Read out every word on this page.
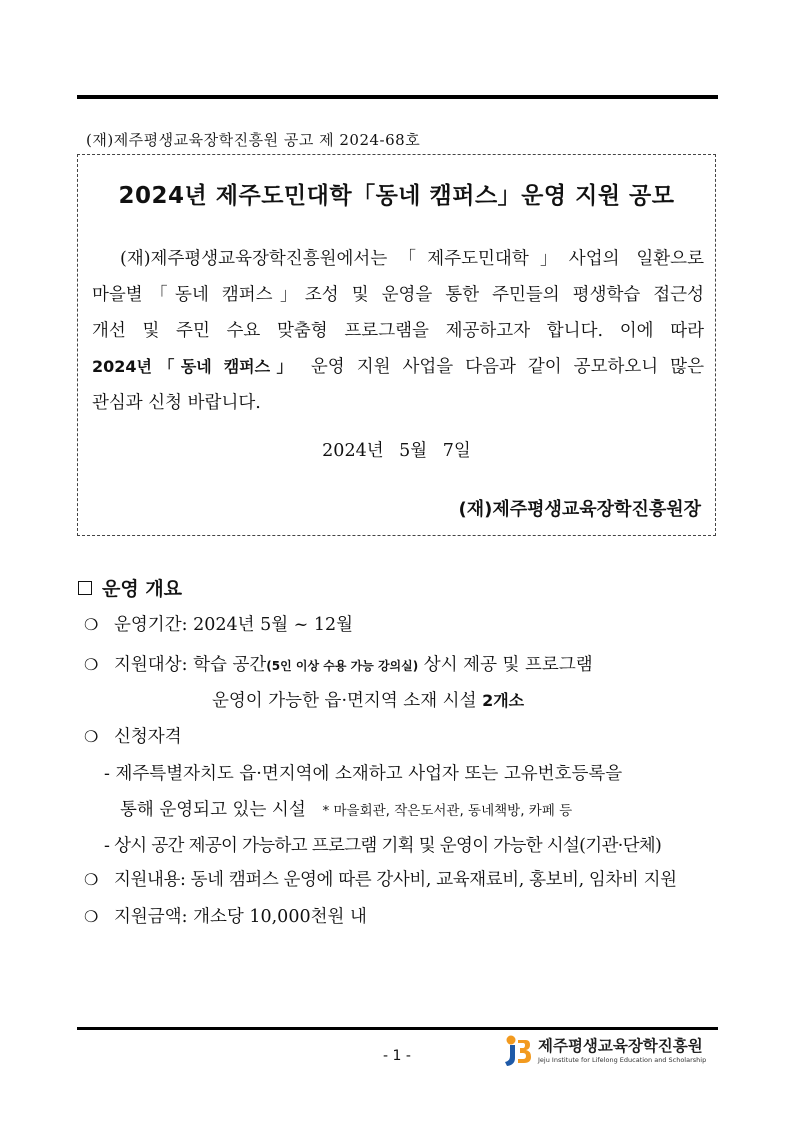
(재)제주평생교육장학진흥원 공고 제 2024-68호
2024년 제주도민대학「동네 캠퍼스」운영 지원 공모
(재)제주평생교육장학진흥원에서는「제주도민대학」사업의 일환으로
마을별「동네 캠퍼스」조성 및 운영을 통한 주민들의 평생학습 접근성
개선 및 주민 수요 맞춤형 프로그램을 제공하고자 합니다. 이에 따라
2024년「동네 캠퍼스」 운영 지원 사업을 다음과 같이 공모하오니 많은
관심과 신청 바랍니다.
2024년 5월 7일
(재)제주평생교육장학진흥원장
운영 개요
❍ 운영기간: 2024년 5월 ~ 12월
❍ 지원대상: 학습 공간(5인 이상 수용 가능 강의실) 상시 제공 및 프로그램
운영이 가능한 읍·면지역 소재 시설 2개소
❍ 신청자격
- 제주특별자치도 읍·면지역에 소재하고 사업자 또는 고유번호등록을
통해 운영되고 있는 시설 * 마을회관, 작은도서관, 동네책방, 카페 등
- 상시 공간 제공이 가능하고 프로그램 기획 및 운영이 가능한 시설(기관·단체)
❍ 지원내용: 동네 캠퍼스 운영에 따른 강사비, 교육재료비, 홍보비, 임차비 지원
❍ 지원금액: 개소당 10,000천원 내
- 1 -
제주평생교육장학진흥원
Jeju Institute for Lifelong Education and Scholarship
